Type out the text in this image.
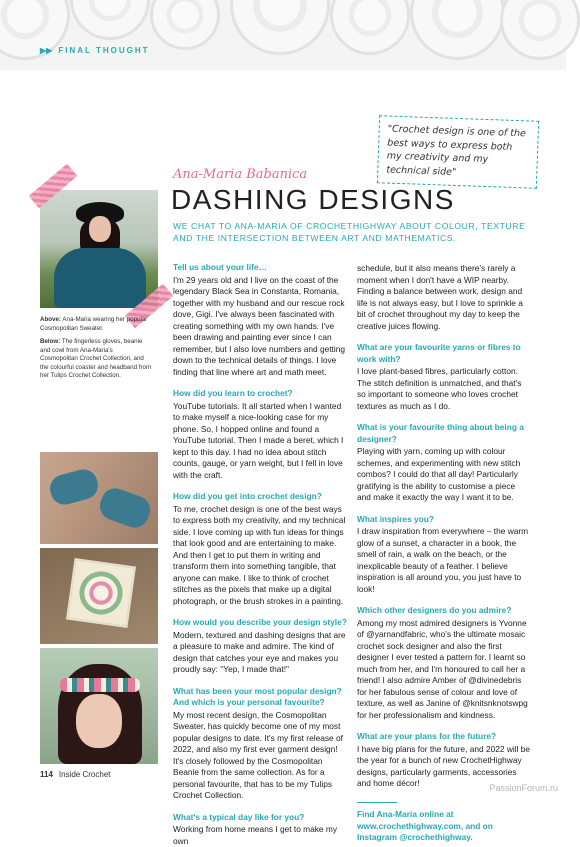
▶▶ FINAL THOUGHT
"Crochet design is one of the best ways to express both my creativity and my technical side"
Ana-Maria Babanica
DASHING DESIGNS
WE CHAT TO ANA-MARIA OF CROCHETHIGHWAY ABOUT COLOUR, TEXTURE AND THE INTERSECTION BETWEEN ART AND MATHEMATICS.
Above: Ana-Maria wearing her popular Cosmopolitan Sweater.
Below: The fingerless gloves, beanie and cowl from Ana-Maria's Cosmopolitan Crochet Collection, and the colourful coaster and headband from her Tulips Crochet Collection.
Tell us about your life…
I'm 29 years old and I live on the coast of the legendary Black Sea in Constanta, Romania, together with my husband and our rescue rock dove, Gigi. I've always been fascinated with creating something with my own hands. I've been drawing and painting ever since I can remember, but I also love numbers and getting down to the technical details of things. I love finding that line where art and math meet.
How did you learn to crochet?
YouTube tutorials. It all started when I wanted to make myself a nice-looking case for my phone. So, I hopped online and found a YouTube tutorial. Then I made a beret, which I kept to this day. I had no idea about stitch counts, gauge, or yarn weight, but I fell in love with the craft.
How did you get into crochet design?
To me, crochet design is one of the best ways to express both my creativity, and my technical side. I love coming up with fun ideas for things that look good and are entertaining to make. And then I get to put them in writing and transform them into something tangible, that anyone can make. I like to think of crochet stitches as the pixels that make up a digital photograph, or the brush strokes in a painting.
How would you describe your design style?
Modern, textured and dashing designs that are a pleasure to make and admire. The kind of design that catches your eye and makes you proudly say: "Yep, I made that!"
What has been your most popular design? And which is your personal favourite?
My most recent design, the Cosmopolitan Sweater, has quickly become one of my most popular designs to date. It's my first release of 2022, and also my first ever garment design! It's closely followed by the Cosmopolitan Beanie from the same collection. As for a personal favourite, that has to be my Tulips Crochet Collection.
What's a typical day like for you?
Working from home means I get to make my own
schedule, but it also means there's rarely a moment when I don't have a WIP nearby. Finding a balance between work, design and life is not always easy, but I love to sprinkle a bit of crochet throughout my day to keep the creative juices flowing.
What are your favourite yarns or fibres to work with?
I love plant-based fibres, particularly cotton. The stitch definition is unmatched, and that's so important to someone who loves crochet textures as much as I do.
What is your favourite thing about being a designer?
Playing with yarn, coming up with colour schemes, and experimenting with new stitch combos? I could do that all day! Particularly gratifying is the ability to customise a piece and make it exactly the way I want it to be.
What inspires you?
I draw inspiration from everywhere – the warm glow of a sunset, a character in a book, the smell of rain, a walk on the beach, or the inexplicable beauty of a feather. I believe inspiration is all around you, you just have to look!
Which other designers do you admire?
Among my most admired designers is Yvonne of @yarnandfabric, who's the ultimate mosaic crochet sock designer and also the first designer I ever tested a pattern for. I learnt so much from her, and I'm honoured to call her a friend! I also admire Amber of @divinedebris for her fabulous sense of colour and love of texture, as well as Janine of @knitsnknotswpg for her professionalism and kindness.
What are your plans for the future?
I have big plans for the future, and 2022 will be the year for a bunch of new CrochetHighway designs, particularly garments, accessories and home décor!
Find Ana-Maria online at www.crochethighway.com, and on Instagram @crochethighway.
114 Inside Crochet
PassionForum.ru
